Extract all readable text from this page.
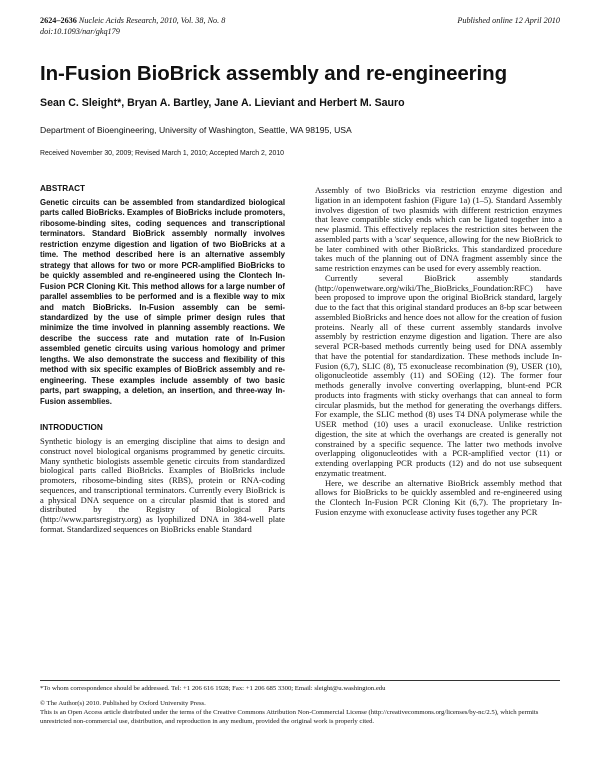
2624–2636 Nucleic Acids Research, 2010, Vol. 38, No. 8
doi:10.1093/nar/gkq179
Published online 12 April 2010
In-Fusion BioBrick assembly and re-engineering
Sean C. Sleight*, Bryan A. Bartley, Jane A. Lieviant and Herbert M. Sauro
Department of Bioengineering, University of Washington, Seattle, WA 98195, USA
Received November 30, 2009; Revised March 1, 2010; Accepted March 2, 2010
ABSTRACT

Genetic circuits can be assembled from standardized biological parts called BioBricks. Examples of BioBricks include promoters, ribosome-binding sites, coding sequences and transcriptional terminators. Standard BioBrick assembly normally involves restriction enzyme digestion and ligation of two BioBricks at a time. The method described here is an alternative assembly strategy that allows for two or more PCR-amplified BioBricks to be quickly assembled and re-engineered using the Clontech In-Fusion PCR Cloning Kit. This method allows for a large number of parallel assemblies to be performed and is a flexible way to mix and match BioBricks. In-Fusion assembly can be semi-standardized by the use of simple primer design rules that minimize the time involved in planning assembly reactions. We describe the success rate and mutation rate of In-Fusion assembled genetic circuits using various homology and primer lengths. We also demonstrate the success and flexibility of this method with six specific examples of BioBrick assembly and re-engineering. These examples include assembly of two basic parts, part swapping, a deletion, an insertion, and three-way In-Fusion assemblies.

INTRODUCTION

Synthetic biology is an emerging discipline that aims to design and construct novel biological organisms programmed by genetic circuits. Many synthetic biologists assemble genetic circuits from standardized biological parts called BioBricks. Examples of BioBricks include promoters, ribosome-binding sites (RBS), protein or RNA-coding sequences, and transcriptional terminators. Currently every BioBrick is a physical DNA sequence on a circular plasmid that is stored and distributed by the Registry of Biological Parts (http://www.partsregistry.org) as lyophilized DNA in 384-well plate format. Standardized sequences on BioBricks enable Standard

Assembly of two BioBricks via restriction enzyme digestion and ligation in an idempotent fashion (Figure 1a) (1–5). Standard Assembly involves digestion of two plasmids with different restriction enzymes that leave compatible sticky ends which can be ligated together into a new plasmid. This effectively replaces the restriction sites between the assembled parts with a 'scar' sequence, allowing for the new BioBrick to be later combined with other BioBricks. This standardized procedure takes much of the planning out of DNA fragment assembly since the same restriction enzymes can be used for every assembly reaction.

Currently several BioBrick assembly standards (http://openwetware.org/wiki/The_BioBricks_Foundation:RFC) have been proposed to improve upon the original BioBrick standard, largely due to the fact that this original standard produces an 8-bp scar between assembled BioBricks and hence does not allow for the creation of fusion proteins. Nearly all of these current assembly standards involve assembly by restriction enzyme digestion and ligation. There are also several PCR-based methods currently being used for DNA assembly that have the potential for standardization. These methods include In-Fusion (6,7), SLIC (8), T5 exonuclease recombination (9), USER (10), oligonucleotide assembly (11) and SOEing (12). The former four methods generally involve converting overlapping, blunt-end PCR products into fragments with sticky overhangs that can anneal to form circular plasmids, but the method for generating the overhangs differs. For example, the SLIC method (8) uses T4 DNA polymerase while the USER method (10) uses a uracil exonuclease. Unlike restriction digestion, the site at which the overhangs are created is generally not constrained by a specific sequence. The latter two methods involve overlapping oligonucleotides with a PCR-amplified vector (11) or extending overlapping PCR products (12) and do not use subsequent enzymatic treatment.

Here, we describe an alternative BioBrick assembly method that allows for BioBricks to be quickly assembled and re-engineered using the Clontech In-Fusion PCR Cloning Kit (6,7). The proprietary In-Fusion enzyme with exonuclease activity fuses together any PCR

*To whom correspondence should be addressed. Tel: +1 206 616 1928; Fax: +1 206 685 3300; Email: sleight@u.washington.edu

© The Author(s) 2010. Published by Oxford University Press.

This is an Open Access article distributed under the terms of the Creative Commons Attribution Non-Commercial License (http://creativecommons.org/licenses/by-nc/2.5), which permits unrestricted non-commercial use, distribution, and reproduction in any medium, provided the original work is properly cited.
